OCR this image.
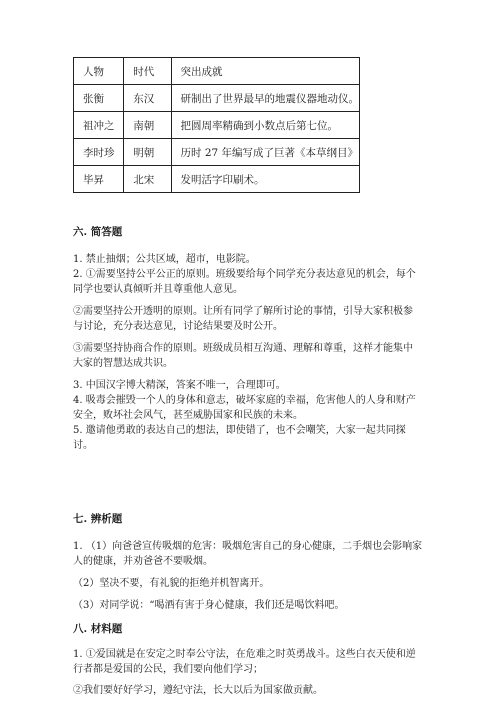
人物	时代	突出成就
张衡	东汉	研制出了世界最早的地震仪器地动仪。
祖冲之	南朝	把圆周率精确到小数点后第七位。
李时珍	明朝	历时 27 年编写成了巨著《本草纲目》
毕昇	北宋	发明活字印刷术。

六. 简答题

1. 禁止抽烟；公共区域，超市，电影院。

2. ①需要坚持公平公正的原则。班级要给每个同学充分表达意见的机会，每个

同学也要认真倾听并且尊重他人意见。

②需要坚持公开透明的原则。让所有同学了解所讨论的事情，引导大家积极参

与讨论，充分表达意见，讨论结果要及时公开。

③需要坚持协商合作的原则。班级成员相互沟通、理解和尊重，这样才能集中

大家的智慧达成共识。

3. 中国汉字博大精深，答案不唯一，合理即可。

4. 吸毒会摧毁一个人的身体和意志，破坏家庭的幸福，危害他人的人身和财产

安全，败坏社会风气，甚至威胁国家和民族的未来。

5. 邀请他勇敢的表达自己的想法，即使错了，也不会嘲笑，大家一起共同探

讨。

七. 辨析题

1. （1）向爸爸宣传吸烟的危害：吸烟危害自己的身心健康，二手烟也会影响家

人的健康，并劝爸爸不要吸烟。

（2）坚决不要，有礼貌的拒绝并机智离开。

（3）对同学说：“喝酒有害于身心健康，我们还是喝饮料吧。

八. 材料题

1. ①爱国就是在安定之时奉公守法，在危难之时英勇战斗。这些白衣天使和逆

行者都是爱国的公民，我们要向他们学习；

②我们要好好学习，遵纪守法，长大以后为国家做贡献。
